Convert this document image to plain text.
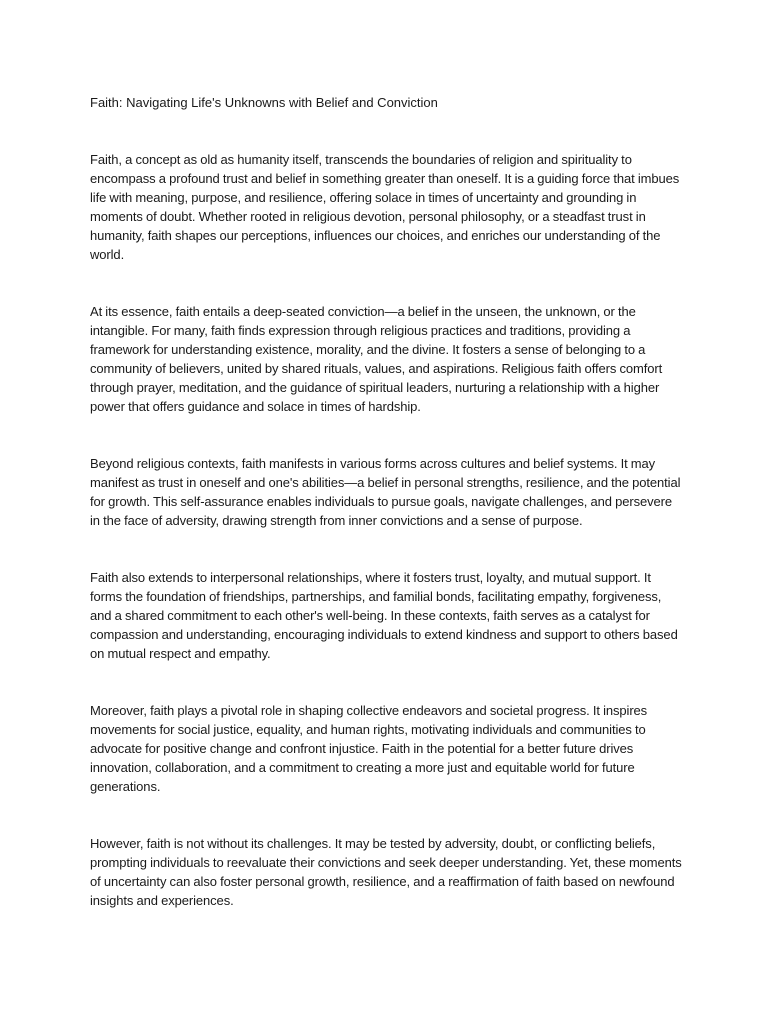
Faith: Navigating Life's Unknowns with Belief and Conviction

Faith, a concept as old as humanity itself, transcends the boundaries of religion and spirituality to encompass a profound trust and belief in something greater than oneself. It is a guiding force that imbues life with meaning, purpose, and resilience, offering solace in times of uncertainty and grounding in moments of doubt. Whether rooted in religious devotion, personal philosophy, or a steadfast trust in humanity, faith shapes our perceptions, influences our choices, and enriches our understanding of the world.

At its essence, faith entails a deep-seated conviction—a belief in the unseen, the unknown, or the intangible. For many, faith finds expression through religious practices and traditions, providing a framework for understanding existence, morality, and the divine. It fosters a sense of belonging to a community of believers, united by shared rituals, values, and aspirations. Religious faith offers comfort through prayer, meditation, and the guidance of spiritual leaders, nurturing a relationship with a higher power that offers guidance and solace in times of hardship.

Beyond religious contexts, faith manifests in various forms across cultures and belief systems. It may manifest as trust in oneself and one's abilities—a belief in personal strengths, resilience, and the potential for growth. This self-assurance enables individuals to pursue goals, navigate challenges, and persevere in the face of adversity, drawing strength from inner convictions and a sense of purpose.

Faith also extends to interpersonal relationships, where it fosters trust, loyalty, and mutual support. It forms the foundation of friendships, partnerships, and familial bonds, facilitating empathy, forgiveness, and a shared commitment to each other's well-being. In these contexts, faith serves as a catalyst for compassion and understanding, encouraging individuals to extend kindness and support to others based on mutual respect and empathy.

Moreover, faith plays a pivotal role in shaping collective endeavors and societal progress. It inspires movements for social justice, equality, and human rights, motivating individuals and communities to advocate for positive change and confront injustice. Faith in the potential for a better future drives innovation, collaboration, and a commitment to creating a more just and equitable world for future generations.

However, faith is not without its challenges. It may be tested by adversity, doubt, or conflicting beliefs, prompting individuals to reevaluate their convictions and seek deeper understanding. Yet, these moments of uncertainty can also foster personal growth, resilience, and a reaffirmation of faith based on newfound insights and experiences.
